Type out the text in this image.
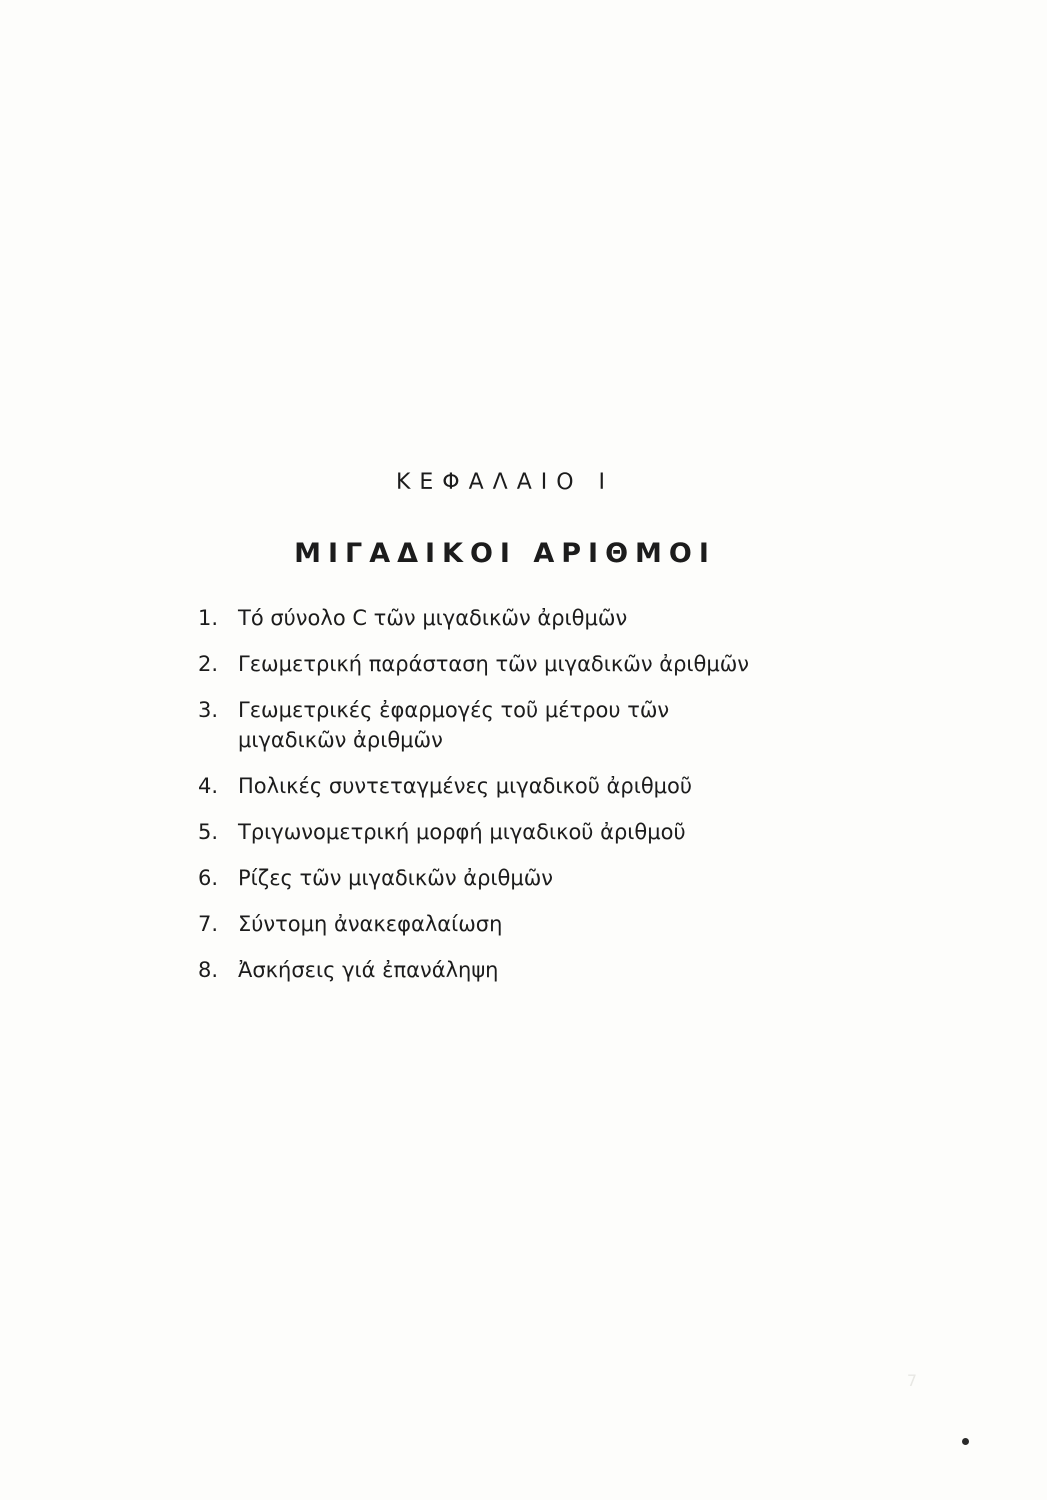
ΚΕΦΑΛΑΙΟ Ι
ΜΙΓΑΔΙΚΟΙ ΑΡΙΘΜΟΙ
1. Τό σύνολο C τῶν μιγαδικῶν ἀριθμῶν
2. Γεωμετρική παράσταση τῶν μιγαδικῶν ἀριθμῶν
3. Γεωμετρικές ἐφαρμογές τοῦ μέτρου τῶν
μιγαδικῶν ἀριθμῶν
4. Πολικές συντεταγμένες μιγαδικοῦ ἀριθμοῦ
5. Τριγωνομετρική μορφή μιγαδικοῦ ἀριθμοῦ
6. Ρίζες τῶν μιγαδικῶν ἀριθμῶν
7. Σύντομη ἀνακεφαλαίωση
8. Ἀσκήσεις γιά ἐπανάληψη
7
